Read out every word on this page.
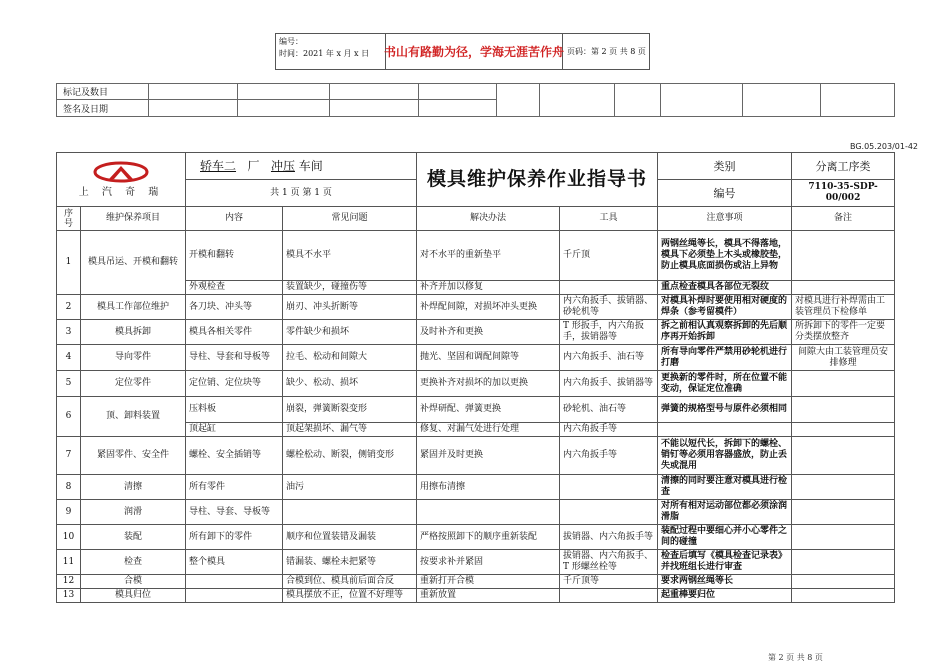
编号：
时间：2021 年 x 月 x 日	书山有路勤为径，学海无涯苦作舟 页码：第 2 页 共 8 页
标记及数目										
签名及日期										
BG.05.203/01-42
上 汽 奇 瑞		轿车二 厂 冲压 车间		模具维护保养作业指导书		类别	分离工序类
		共 1 页 第 1 页				编号	7110-35-SDP-00/002
序号	维护保养项目	内容	常见问题	解决办法	工具	注意事项	备注
1	模具吊运、开模和翻转	开模和翻转	模具不水平	对不水平的重新垫平	千斤顶	两钢丝绳等长，模具不得落地，模具下必须垫上木头或橡胶垫，防止模具底面损伤或沾上异物	
		外观检查	装置缺少，碰撞伤等	补齐并加以修复		重点检查模具各部位无裂纹	
2	模具工作部位维护	各刀块、冲头等	崩刃、冲头折断等	补焊配间隙，对损坏冲头更换	内六角扳手、拔销器、砂轮机等	对模具补焊时要使用相对硬度的焊条（参考留模件）	对模具进行补焊需由工装管理员下检修单
3	模具拆卸	模具各相关零件	零件缺少和损坏	及时补齐和更换	T 形扳手，内六角扳手，拔销器等	拆之前相认真观察拆卸的先后顺序再开始拆卸	所拆卸下的零件一定要分类摆放整齐
4	导向零件	导柱、导套和导板等	拉毛、松动和间隙大	抛光、坚固和调配间隙等	内六角扳手、油石等	所有导向零件严禁用砂轮机进行打磨	间隙大由工装管理员安排修理
5	定位零件	定位销、定位块等	缺少、松动、损坏	更换补齐对损坏的加以更换	内六角扳手、拔销器等	更换新的零件时，所在位置不能变动，保证定位准确	
6	顶、卸料装置	压料板	崩裂，弹簧断裂变形	补焊研配、弹簧更换	砂轮机、油石等	弹簧的规格型号与原件必须相同	
		顶起缸	顶起架损坏、漏气等	修复、对漏气处进行处理	内六角扳手等		
7	紧固零件、安全件	螺栓、安全插销等	螺栓松动、断裂，侧销变形	紧固并及时更换	内六角扳手等	不能以短代长，拆卸下的螺栓、销钉等必须用容器盛放，防止丢失或混用	
8	清擦	所有零件	油污	用擦布清擦		清擦的同时要注意对模具进行检查	
9	润滑	导柱、导套、导板等				对所有相对运动部位都必须涂润滑脂	
10	装配	所有卸下的零件	顺序和位置装错及漏装	严格按照卸下的顺序重新装配	拔销器、内六角扳手等	装配过程中要细心并小心零件之间的碰撞	
11	检查	整个模具	错漏装、螺栓未把紧等	按要求补并紧固	拔销器、内六角扳手、T 形螺丝栓等	检查后填写《模具检查记录表》并找班组长进行审查	
12	合模		合模到位、模具前后面合反	重新打开合模	千斤顶等	要求两钢丝绳等长	
13	模具归位		模具摆放不正，位置不好理等	重新放置		起重棒要归位	
第 2 页 共 8 页
